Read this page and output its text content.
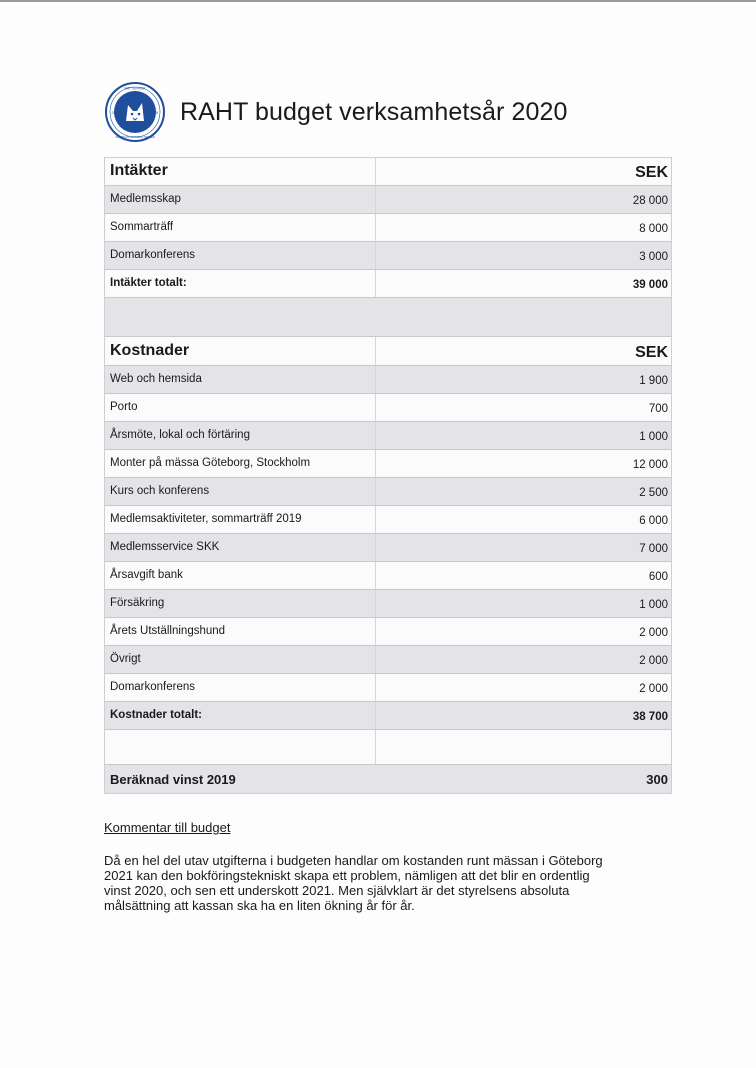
20	15
RAT TERRIER
AMERICAN HAIRLESS TERRIER
RAHT budget verksamhetsår 2020
Intäkter	SEK
Medlemsskap	28 000
Sommarträff	8 000
Domarkonferens	3 000
Intäkter totalt:	39 000
Kostnader	SEK
Web och hemsida	1 900
Porto	700
Årsmöte, lokal och förtäring	1 000
Monter på mässa Göteborg, Stockholm	12 000
Kurs och konferens	2 500
Medlemsaktiviteter, sommarträff 2019	6 000
Medlemsservice SKK	7 000
Årsavgift bank	600
Försäkring	1 000
Årets Utställningshund	2 000
Övrigt	2 000
Domarkonferens	2 000
Kostnader totalt:	38 700
Beräknad vinst 2019	300
Kommentar till budget
Då en hel del utav utgifterna i budgeten handlar om kostanden runt mässan i Göteborg
2021 kan den bokföringstekniskt skapa ett problem, nämligen att det blir en ordentlig
vinst 2020, och sen ett underskott 2021. Men självklart är det styrelsens absoluta
målsättning att kassan ska ha en liten ökning år för år.
